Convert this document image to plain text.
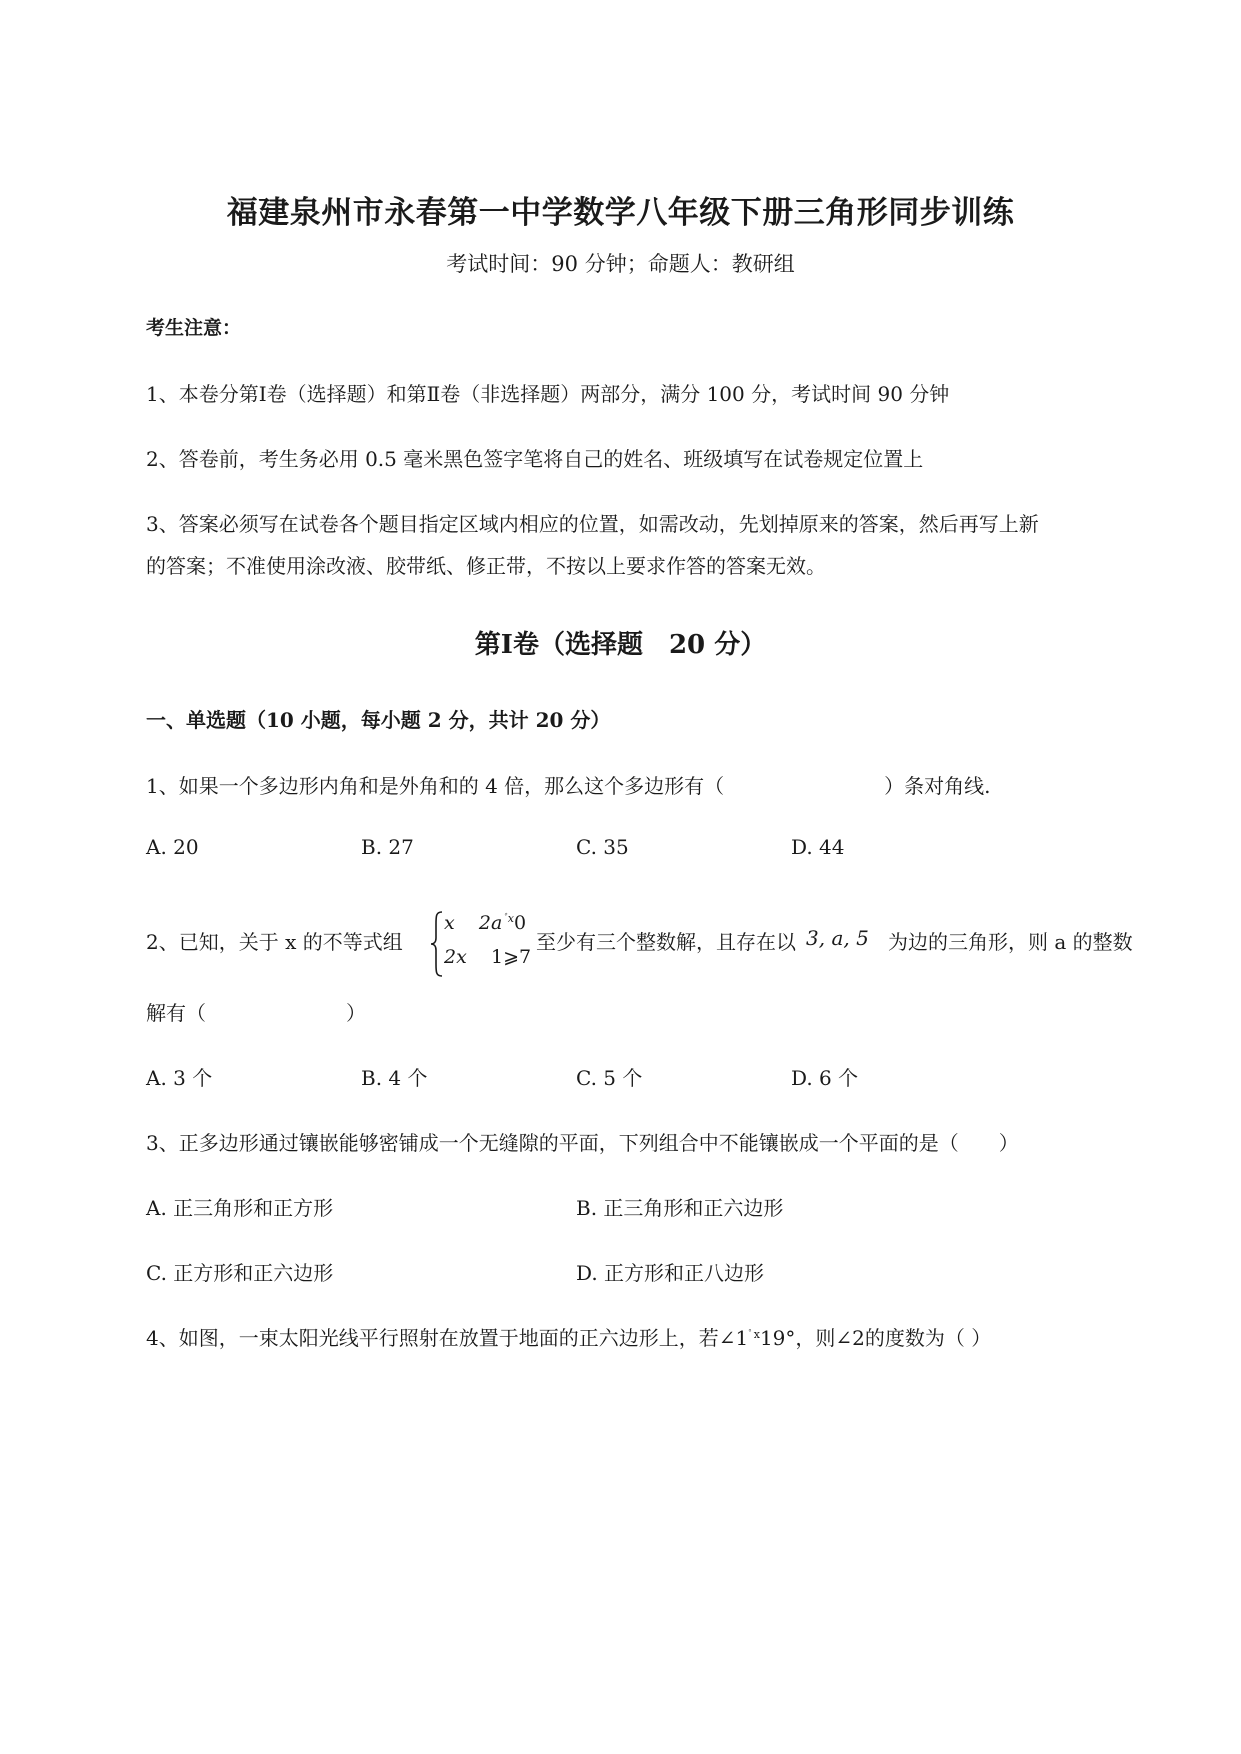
福建泉州市永春第一中学数学八年级下册三角形同步训练
考试时间：90 分钟；命题人：教研组
考生注意：
1、本卷分第Ⅰ卷（选择题）和第Ⅱ卷（非选择题）两部分，满分 100 分，考试时间 90 分钟
2、答卷前，考生务必用 0.5 毫米黑色签字笔将自己的姓名、班级填写在试卷规定位置上
3、答案必须写在试卷各个题目指定区域内相应的位置，如需改动，先划掉原来的答案，然后再写上新
的答案；不准使用涂改液、胶带纸、修正带，不按以上要求作答的答案无效。
第Ⅰ卷（选择题　20 分）
一、单选题（10 小题，每小题 2 分，共计 20 分）
1、如果一个多边形内角和是外角和的 4 倍，那么这个多边形有（　　　　　　　　）条对角线.
A. 20	B. 27	C. 35	D. 44
2、已知，关于 x 的不等式组
x $2a^{ﾟx}0$
2x 1⩾7
至少有三个整数解，且存在以 3, a, 5 为边的三角形，则 a 的整数
解有（　　　　　　　）
A. 3 个	B. 4 个	C. 5 个	D. 6 个
3、正多边形通过镶嵌能够密铺成一个无缝隙的平面，下列组合中不能镶嵌成一个平面的是（　　）
A. 正三角形和正方形	B. 正三角形和正六边形
C. 正方形和正六边形	D. 正方形和正八边形
4、如图，一束太阳光线平行照射在放置于地面的正六边形上，若$\angle 1^{ﾟx}19^\circ$，则∠2的度数为（ ）
